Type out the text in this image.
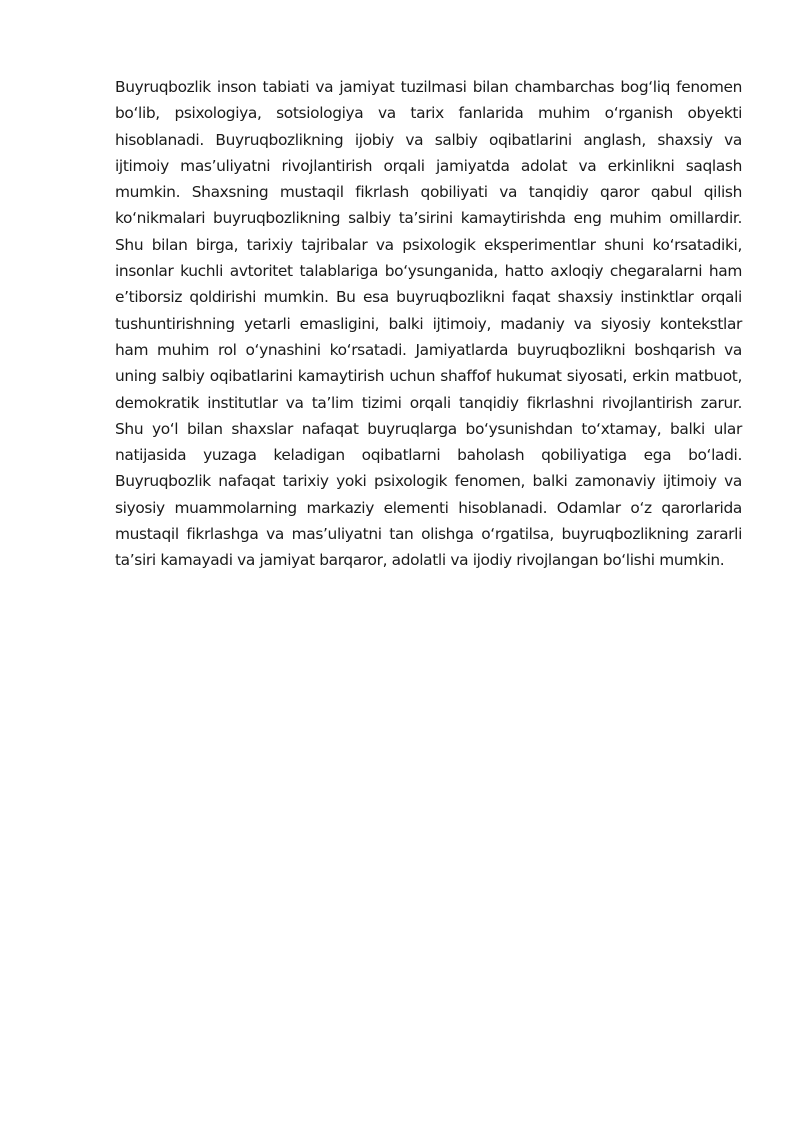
Buyruqbozlik inson tabiati va jamiyat tuzilmasi bilan chambarchas bog‘liq fenomen bo‘lib, psixologiya, sotsiologiya va tarix fanlarida muhim o‘rganish obyekti hisoblanadi. Buyruqbozlikning ijobiy va salbiy oqibatlarini anglash, shaxsiy va ijtimoiy mas’uliyatni rivojlantirish orqali jamiyatda adolat va erkinlikni saqlash mumkin. Shaxsning mustaqil fikrlash qobiliyati va tanqidiy qaror qabul qilish ko‘nikmalari buyruqbozlikning salbiy ta’sirini kamaytirishda eng muhim omillardir. Shu bilan birga, tarixiy tajribalar va psixologik eksperimentlar shuni ko‘rsatadiki, insonlar kuchli avtoritet talablariga bo‘ysunganida, hatto axloqiy chegaralarni ham e’tiborsiz qoldirishi mumkin. Bu esa buyruqbozlikni faqat shaxsiy instinktlar orqali tushuntirishning yetarli emasligini, balki ijtimoiy, madaniy va siyosiy kontekstlar ham muhim rol o‘ynashini ko‘rsatadi. Jamiyatlarda buyruqbozlikni boshqarish va uning salbiy oqibatlarini kamaytirish uchun shaffof hukumat siyosati, erkin matbuot, demokratik institutlar va ta’lim tizimi orqali tanqidiy fikrlashni rivojlantirish zarur. Shu yo‘l bilan shaxslar nafaqat buyruqlarga bo‘ysunishdan to‘xtamay, balki ular natijasida yuzaga keladigan oqibatlarni baholash qobiliyatiga ega bo‘ladi. Buyruqbozlik nafaqat tarixiy yoki psixologik fenomen, balki zamonaviy ijtimoiy va siyosiy muammolarning markaziy elementi hisoblanadi. Odamlar o‘z qarorlarida mustaqil fikrlashga va mas’uliyatni tan olishga o‘rgatilsa, buyruqbozlikning zararli ta’siri kamayadi va jamiyat barqaror, adolatli va ijodiy rivojlangan bo‘lishi mumkin.
